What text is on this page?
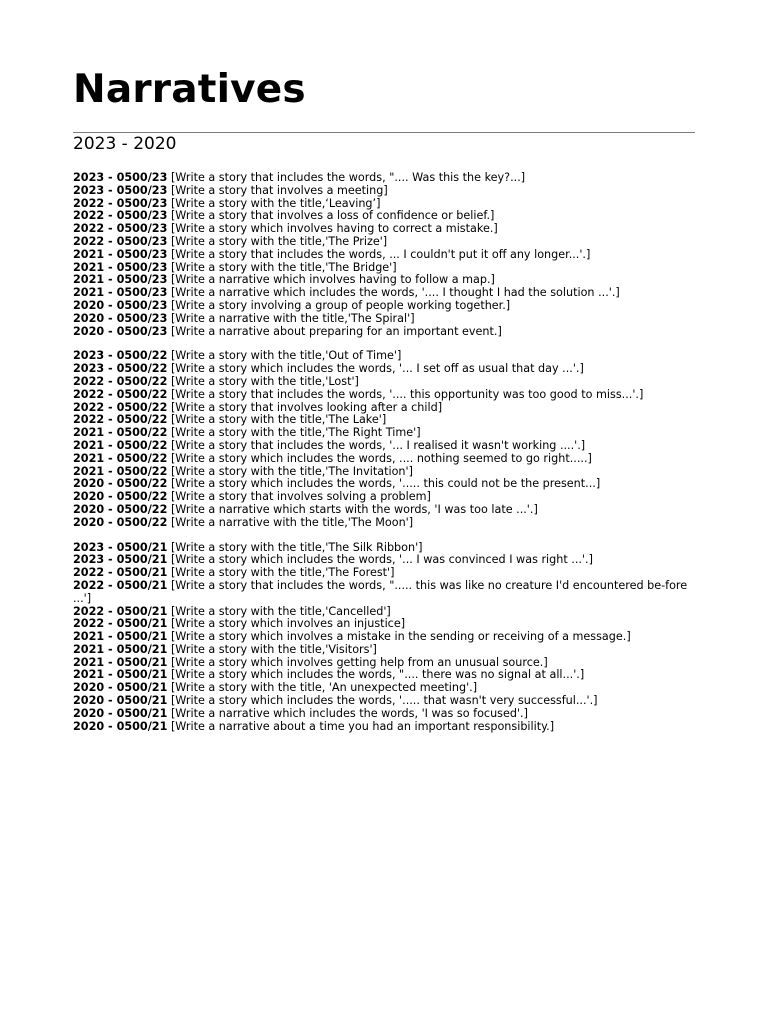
Narratives
2023 - 2020

2023 - 0500/23 [Write a story that includes the words, ".... Was this the key?...]

2023 - 0500/23 [Write a story that involves a meeting]

2022 - 0500/23 [Write a story with the title,‘Leaving’]

2022 - 0500/23 [Write a story that involves a loss of confidence or belief.]

2022 - 0500/23 [Write a story which involves having to correct a mistake.]

2022 - 0500/23 [Write a story with the title,'The Prize']

2021 - 0500/23 [Write a story that includes the words, ... I couldn't put it off any longer...'.]

2021 - 0500/23 [Write a story with the title,'The Bridge']

2021 - 0500/23 [Write a narrative which involves having to follow a map.]

2021 - 0500/23 [Write a narrative which includes the words, '.... I thought I had the solution ...'.]

2020 - 0500/23 [Write a story involving a group of people working together.]

2020 - 0500/23 [Write a narrative with the title,'The Spiral']

2020 - 0500/23 [Write a narrative about preparing for an important event.]

2023 - 0500/22 [Write a story with the title,'Out of Time']

2023 - 0500/22 [Write a story which includes the words, '... I set off as usual that day ...'.]

2022 - 0500/22 [Write a story with the title,'Lost']

2022 - 0500/22 [Write a story that includes the words, '.... this opportunity was too good to miss...'.]

2022 - 0500/22 [Write a story that involves looking after a child]

2022 - 0500/22 [Write a story with the title,'The Lake']

2021 - 0500/22 [Write a story with the title,'The Right Time']

2021 - 0500/22 [Write a story that includes the words, '... I realised it wasn't working ....'.]

2021 - 0500/22 [Write a story which includes the words, .... nothing seemed to go right.....]

2021 - 0500/22 [Write a story with the title,'The Invitation']

2020 - 0500/22 [Write a story which includes the words, '..... this could not be the present...]

2020 - 0500/22 [Write a story that involves solving a problem]

2020 - 0500/22 [Write a narrative which starts with the words, 'I was too late ...'.]

2020 - 0500/22 [Write a narrative with the title,'The Moon']

2023 - 0500/21 [Write a story with the title,'The Silk Ribbon']

2023 - 0500/21 [Write a story which includes the words, '... I was convinced I was right ...'.]

2022 - 0500/21 [Write a story with the title,'The Forest']

2022 - 0500/21 [Write a story that includes the words, "..... this was like no creature I'd encountered be-fore ...']

2022 - 0500/21 [Write a story with the title,'Cancelled']

2022 - 0500/21 [Write a story which involves an injustice]

2021 - 0500/21 [Write a story which involves a mistake in the sending or receiving of a message.]

2021 - 0500/21 [Write a story with the title,'Visitors']

2021 - 0500/21 [Write a story which involves getting help from an unusual source.]

2021 - 0500/21 [Write a story which includes the words, ".... there was no signal at all...'.]

2020 - 0500/21 [Write a story with the title, 'An unexpected meeting'.]

2020 - 0500/21 [Write a story which includes the words, '..... that wasn't very successful...'.]

2020 - 0500/21 [Write a narrative which includes the words, 'I was so focused'.]

2020 - 0500/21 [Write a narrative about a time you had an important responsibility.]
